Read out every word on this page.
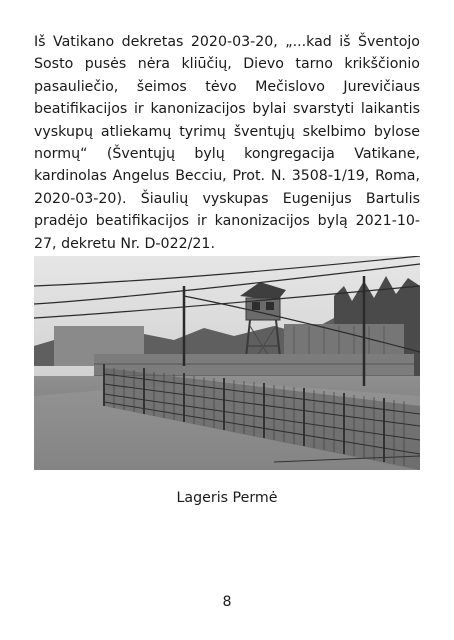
Iš Vatikano dekretas 2020-03-20, „...kad iš Šventojo Sosto pusės nėra kliūčių, Dievo tarno krikščionio pasauliečio, šeimos tėvo Mečislovo Jurevičiaus beatifikacijos ir kanonizacijos bylai svarstyti laikantis vyskupų atliekamų tyrimų šventųjų skelbimo bylose normų“ (Šventųjų bylų kongregacija Vatikane, kardinolas Angelus Becciu, Prot. N. 3508-1/19, Roma, 2020-03-20). Šiaulių vyskupas Eugenijus Bartulis pradėjo beatifikacijos ir kanonizacijos bylą 2021-10-27, dekretu Nr. D-022/21.

Lageris Permė
8
